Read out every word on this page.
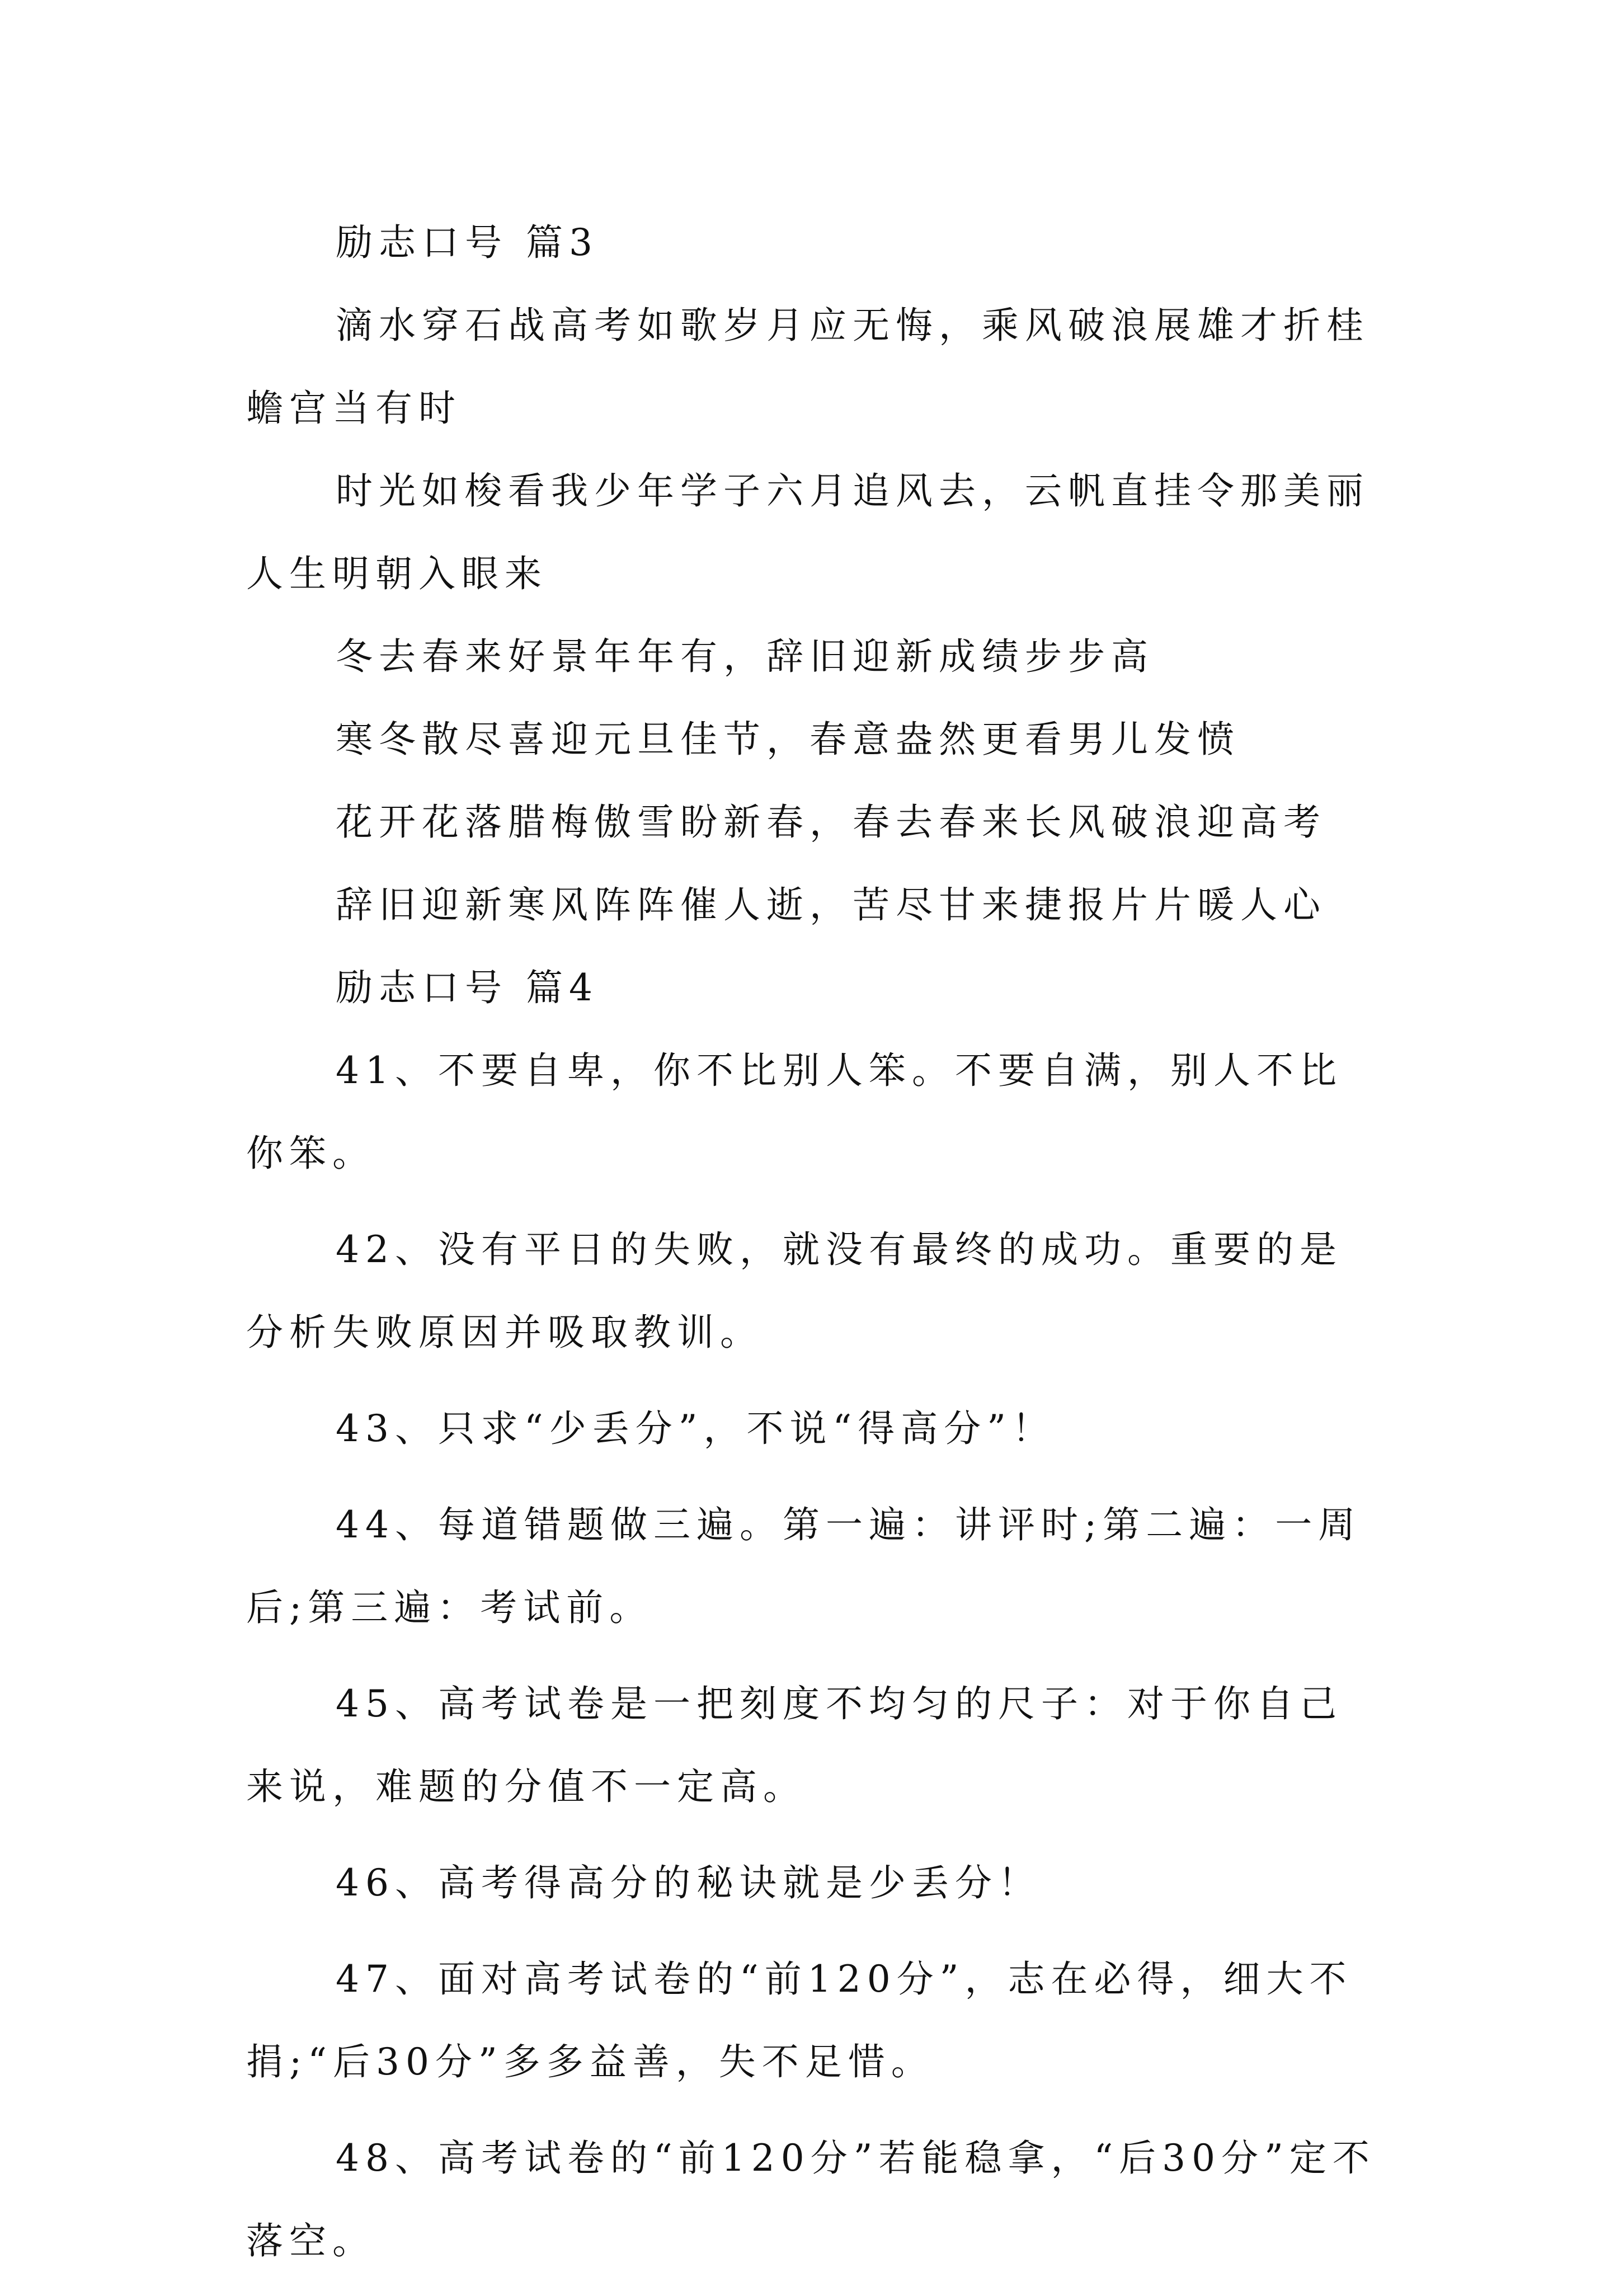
励志口号 篇3

滴水穿石战高考如歌岁月应无悔，乘风破浪展雄才折桂蟾宫当有时

时光如梭看我少年学子六月追风去，云帆直挂令那美丽人生明朝入眼来

冬去春来好景年年有，辞旧迎新成绩步步高

寒冬散尽喜迎元旦佳节，春意盎然更看男儿发愤

花开花落腊梅傲雪盼新春，春去春来长风破浪迎高考

辞旧迎新寒风阵阵催人逝，苦尽甘来捷报片片暖人心

励志口号 篇4

41、不要自卑，你不比别人笨。不要自满，别人不比你笨。

42、没有平日的失败，就没有最终的成功。重要的是分析失败原因并吸取教训。

43、只求“少丢分”，不说“得高分”！

44、每道错题做三遍。第一遍：讲评时;第二遍：一周后;第三遍：考试前。

45、高考试卷是一把刻度不均匀的尺子：对于你自己来说，难题的分值不一定高。

46、高考得高分的秘诀就是少丢分！

47、面对高考试卷的“前120分”，志在必得，细大不捐;“后30分”多多益善，失不足惜。

48、高考试卷的“前120分”若能稳拿，“后30分”定不落空。
